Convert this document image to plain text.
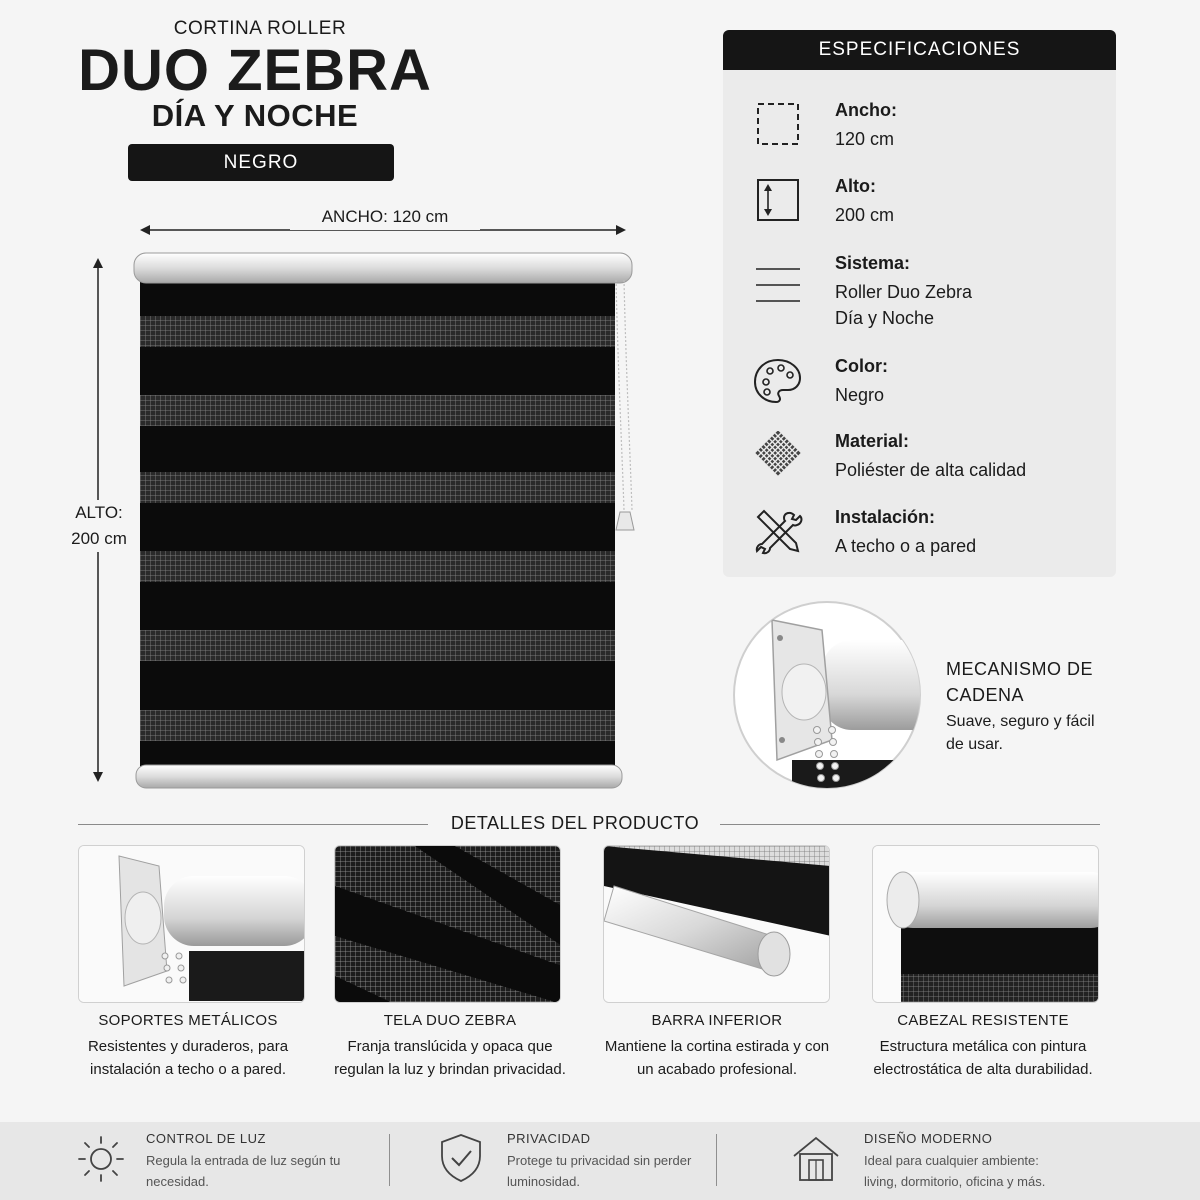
CORTINA ROLLER
DUO ZEBRA
DÍA Y NOCHE
NEGRO
ANCHO: 120 cm
ALTO:
200 cm
ESPECIFICACIONES
Ancho:
120 cm
Alto:
200 cm
Sistema:
Roller Duo Zebra
Día y Noche
Color:
Negro
Material:
Poliéster de alta calidad
Instalación:
A techo o a pared
MECANISMO DE CADENA
Suave, seguro y fácil de usar.
DETALLES DEL PRODUCTO
SOPORTES METÁLICOS
Resistentes y duraderos, para instalación a techo o a pared.
TELA DUO ZEBRA
Franja translúcida y opaca que regulan la luz y brindan privacidad.
BARRA INFERIOR
Mantiene la cortina estirada y con un acabado profesional.
CABEZAL RESISTENTE
Estructura metálica con pintura electrostática de alta durabilidad.
CONTROL DE LUZ
Regula la entrada de luz según tu necesidad.
PRIVACIDAD
Protege tu privacidad sin perder luminosidad.
DISEÑO MODERNO
Ideal para cualquier ambiente: living, dormitorio, oficina y más.
